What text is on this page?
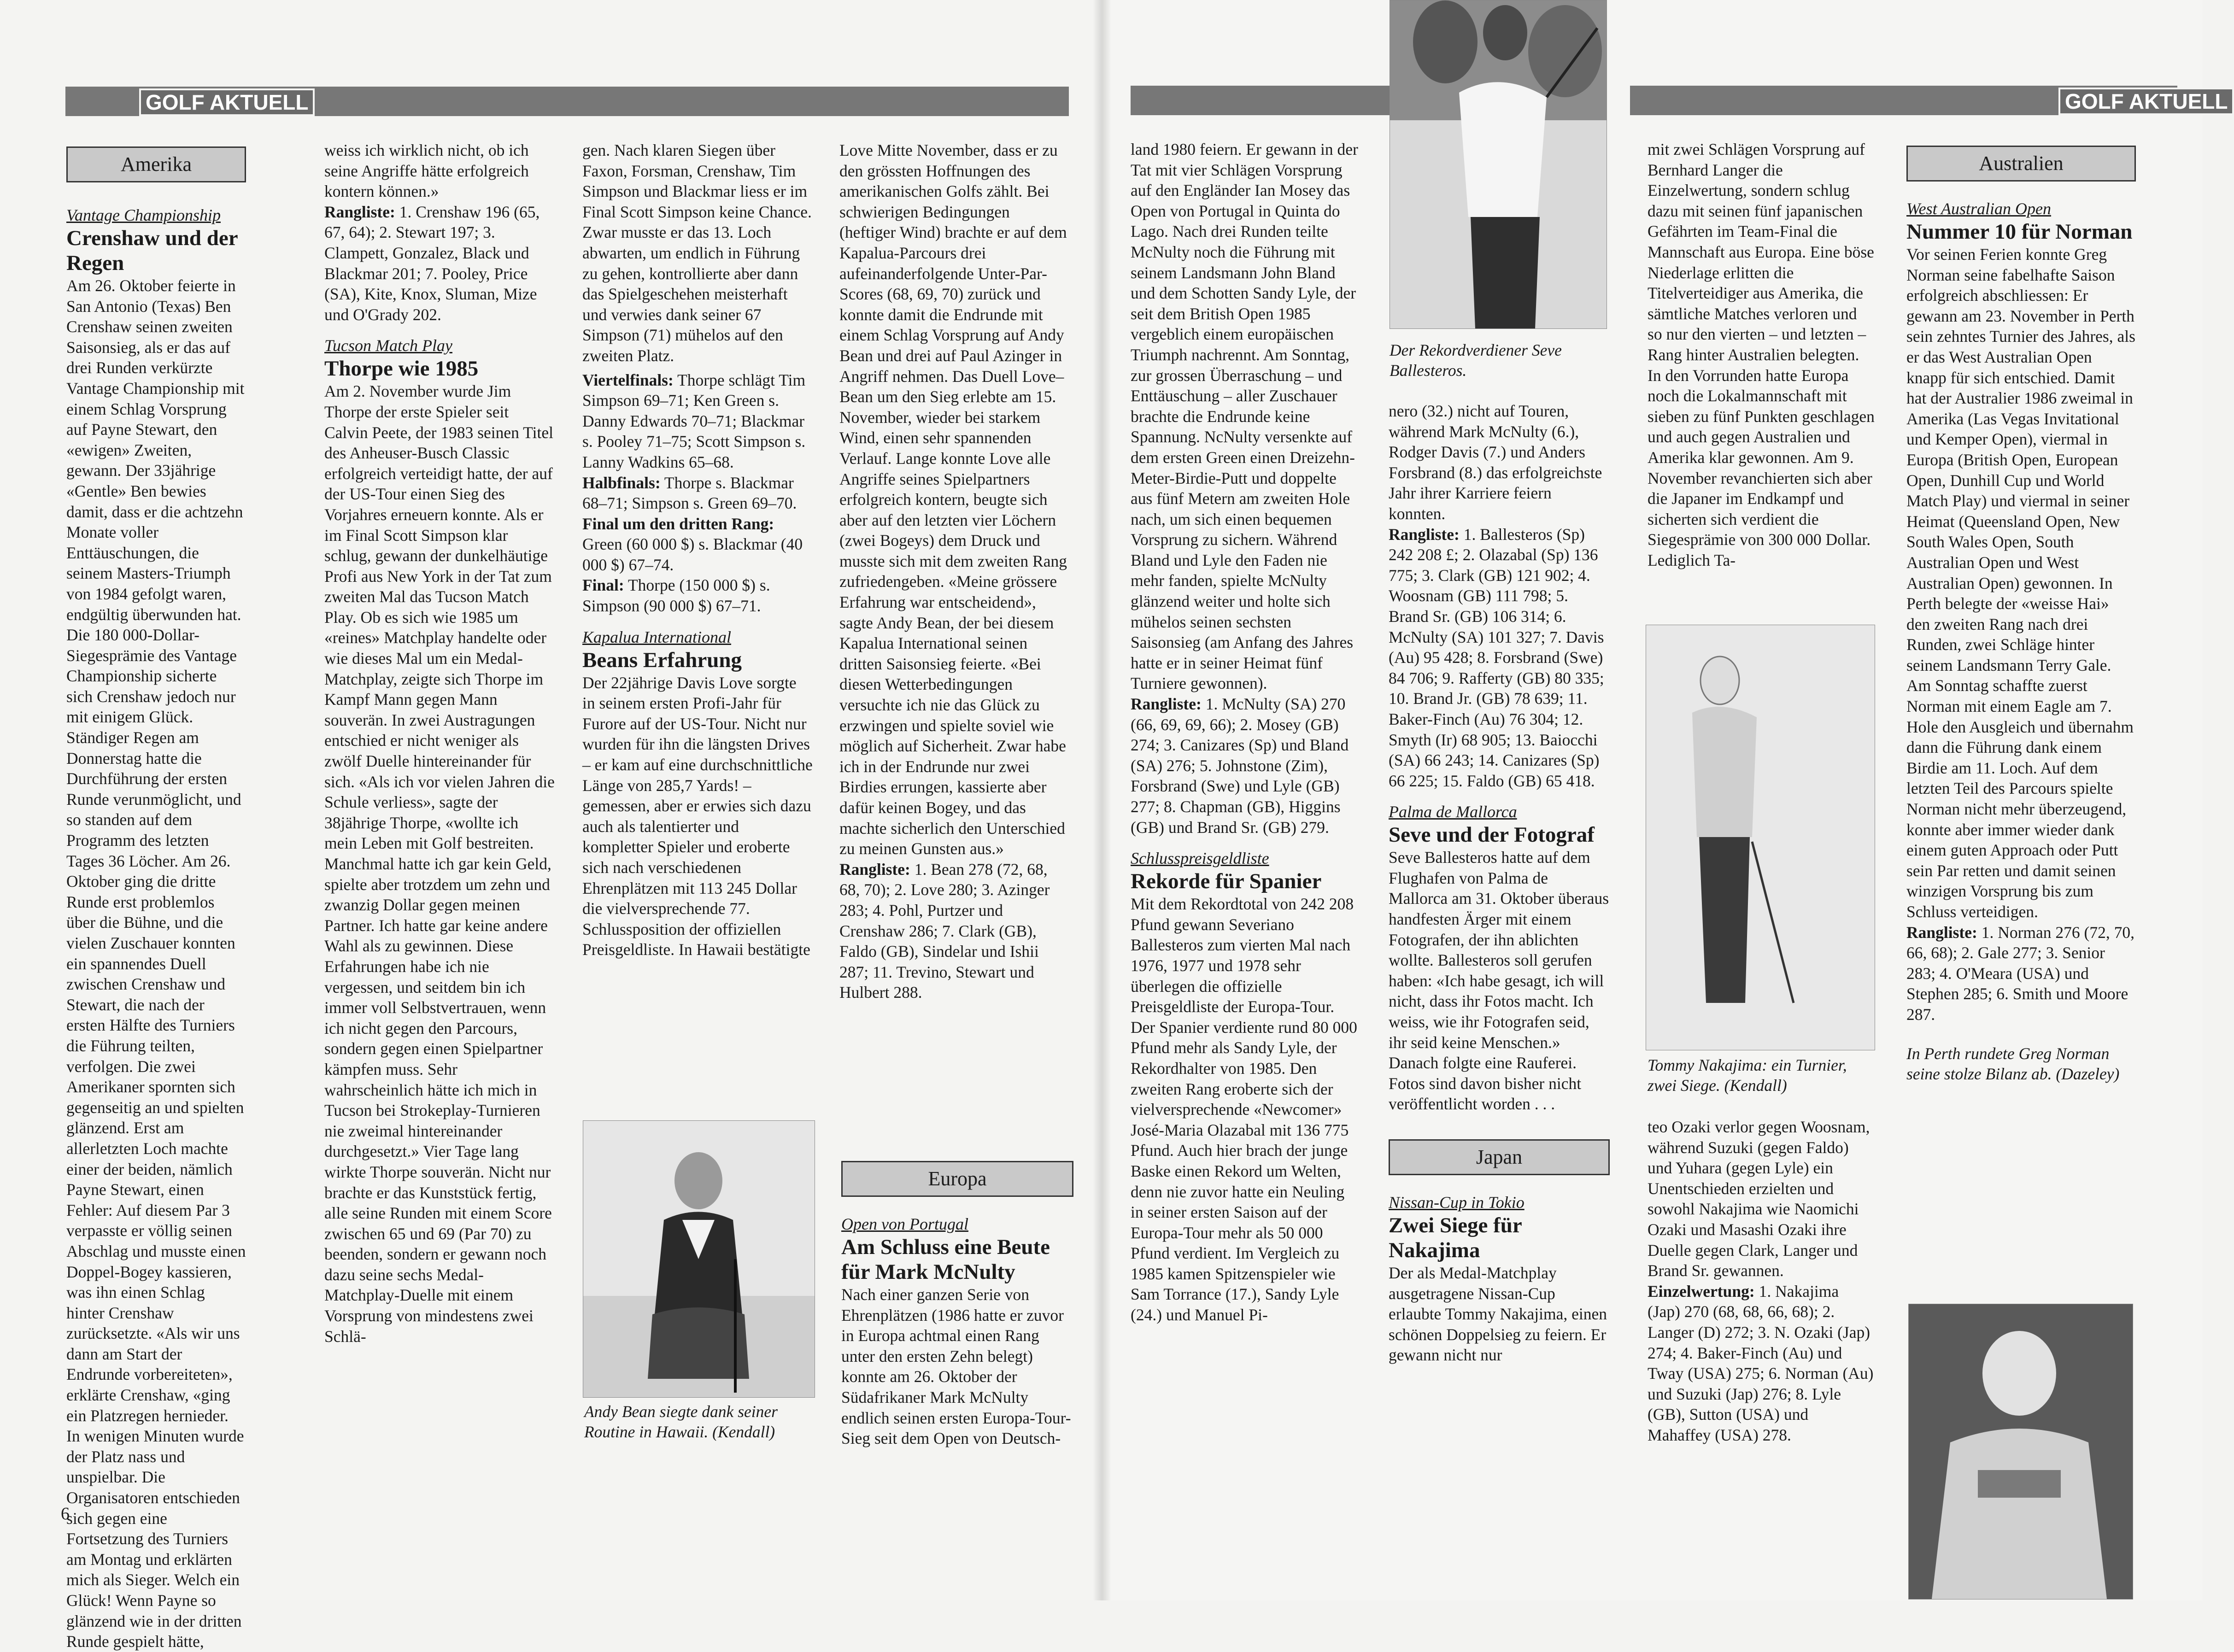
GOLF AKTUELL
Amerika

Vantage Championship

Crenshaw und der Regen

Am 26. Oktober feierte in San Antonio (Texas) Ben Crenshaw seinen zweiten Saisonsieg, als er das auf drei Runden verkürzte Vantage Championship mit einem Schlag Vorsprung auf Payne Stewart, den «ewigen» Zweiten, gewann. Der 33jährige «Gentle» Ben bewies damit, dass er die achtzehn Monate voller Enttäuschungen, die seinem Masters-Triumph von 1984 gefolgt waren, endgültig überwunden hat. Die 180 000-Dollar-Siegesprämie des Vantage Championship sicherte sich Crenshaw jedoch nur mit einigem Glück. Ständiger Regen am Donnerstag hatte die Durchführung der ersten Runde verunmöglicht, und so standen auf dem Programm des letzten Tages 36 Löcher. Am 26. Oktober ging die dritte Runde erst problemlos über die Bühne, und die vielen Zuschauer konnten ein spannendes Duell zwischen Crenshaw und Stewart, die nach der ersten Hälfte des Turniers die Führung teilten, verfolgen. Die zwei Amerikaner spornten sich gegenseitig an und spielten glänzend. Erst am allerletzten Loch machte einer der beiden, nämlich Payne Stewart, einen Fehler: Auf diesem Par 3 verpasste er völlig seinen Abschlag und musste einen Doppel-Bogey kassieren, was ihn einen Schlag hinter Crenshaw zurücksetzte. «Als wir uns dann am Start der Endrunde vorbereiteten», erklärte Crenshaw, «ging ein Platzregen hernieder. In wenigen Minuten wurde der Platz nass und unspielbar. Die Organisatoren entschieden sich gegen eine Fortsetzung des Turniers am Montag und erklärten mich als Sieger. Welch ein Glück! Wenn Payne so glänzend wie in der dritten Runde gespielt hätte,

weiss ich wirklich nicht, ob ich seine Angriffe hätte erfolgreich kontern können.»

Rangliste: 1. Crenshaw 196 (65, 67, 64); 2. Stewart 197; 3. Clampett, Gonzalez, Black und Blackmar 201; 7. Pooley, Price (SA), Kite, Knox, Sluman, Mize und O'Grady 202.

Tucson Match Play

Thorpe wie 1985

Am 2. November wurde Jim Thorpe der erste Spieler seit Calvin Peete, der 1983 seinen Titel des Anheuser-Busch Classic erfolgreich verteidigt hatte, der auf der US-Tour einen Sieg des Vorjahres erneuern konnte. Als er im Final Scott Simpson klar schlug, gewann der dunkelhäutige Profi aus New York in der Tat zum zweiten Mal das Tucson Match Play. Ob es sich wie 1985 um «reines» Matchplay handelte oder wie dieses Mal um ein Medal-Matchplay, zeigte sich Thorpe im Kampf Mann gegen Mann souverän. In zwei Austragungen entschied er nicht weniger als zwölf Duelle hintereinander für sich. «Als ich vor vielen Jahren die Schule verliess», sagte der 38jährige Thorpe, «wollte ich mein Leben mit Golf bestreiten. Manchmal hatte ich gar kein Geld, spielte aber trotzdem um zehn und zwanzig Dollar gegen meinen Partner. Ich hatte gar keine andere Wahl als zu gewinnen. Diese Erfahrungen habe ich nie vergessen, und seitdem bin ich immer voll Selbstvertrauen, wenn ich nicht gegen den Parcours, sondern gegen einen Spielpartner kämpfen muss. Sehr wahrscheinlich hätte ich mich in Tucson bei Strokeplay-Turnieren nie zweimal hintereinander durchgesetzt.» Vier Tage lang wirkte Thorpe souverän. Nicht nur brachte er das Kunststück fertig, alle seine Runden mit einem Score zwischen 65 und 69 (Par 70) zu beenden, sondern er gewann noch dazu seine sechs Medal-Matchplay-Duelle mit einem Vorsprung von mindestens zwei Schlä-

gen. Nach klaren Siegen über Faxon, Forsman, Crenshaw, Tim Simpson und Blackmar liess er im Final Scott Simpson keine Chance. Zwar musste er das 13. Loch abwarten, um endlich in Führung zu gehen, kontrollierte aber dann das Spielgeschehen meisterhaft und verwies dank seiner 67 Simpson (71) mühelos auf den zweiten Platz.

Viertelfinals: Thorpe schlägt Tim Simpson 69–71; Ken Green s. Danny Edwards 70–71; Blackmar s. Pooley 71–75; Scott Simpson s. Lanny Wadkins 65–68.

Halbfinals: Thorpe s. Blackmar 68–71; Simpson s. Green 69–70.

Final um den dritten Rang: Green (60 000 $) s. Blackmar (40 000 $) 67–74.

Final: Thorpe (150 000 $) s. Simpson (90 000 $) 67–71.

Kapalua International

Beans Erfahrung

Der 22jährige Davis Love sorgte in seinem ersten Profi-Jahr für Furore auf der US-Tour. Nicht nur wurden für ihn die längsten Drives – er kam auf eine durchschnittliche Länge von 285,7 Yards! – gemessen, aber er erwies sich dazu auch als talentierter und kompletter Spieler und eroberte sich nach verschiedenen Ehrenplätzen mit 113 245 Dollar die vielversprechende 77. Schlussposition der offiziellen Preisgeldliste. In Hawaii bestätigte

Andy Bean siegte dank seiner Routine in Hawaii. (Kendall)

Love Mitte November, dass er zu den grössten Hoffnungen des amerikanischen Golfs zählt. Bei schwierigen Bedingungen (heftiger Wind) brachte er auf dem Kapalua-Parcours drei aufeinanderfolgende Unter-Par-Scores (68, 69, 70) zurück und konnte damit die Endrunde mit einem Schlag Vorsprung auf Andy Bean und drei auf Paul Azinger in Angriff nehmen. Das Duell Love–Bean um den Sieg erlebte am 15. November, wieder bei starkem Wind, einen sehr spannenden Verlauf. Lange konnte Love alle Angriffe seines Spielpartners erfolgreich kontern, beugte sich aber auf den letzten vier Löchern (zwei Bogeys) dem Druck und musste sich mit dem zweiten Rang zufriedengeben. «Meine grössere Erfahrung war entscheidend», sagte Andy Bean, der bei diesem Kapalua International seinen dritten Saisonsieg feierte. «Bei diesen Wetterbedingungen versuchte ich nie das Glück zu erzwingen und spielte soviel wie möglich auf Sicherheit. Zwar habe ich in der Endrunde nur zwei Birdies errungen, kassierte aber dafür keinen Bogey, und das machte sicherlich den Unterschied zu meinen Gunsten aus.»

Rangliste: 1. Bean 278 (72, 68, 68, 70); 2. Love 280; 3. Azinger 283; 4. Pohl, Purtzer und Crenshaw 286; 7. Clark (GB), Faldo (GB), Sindelar und Ishii 287; 11. Trevino, Stewart und Hulbert 288.

Europa

Open von Portugal

Am Schluss eine Beute für Mark McNulty

Nach einer ganzen Serie von Ehrenplätzen (1986 hatte er zuvor in Europa achtmal einen Rang unter den ersten Zehn belegt) konnte am 26. Oktober der Südafrikaner Mark McNulty endlich seinen ersten Europa-Tour-Sieg seit dem Open von Deutsch-

6
GOLF AKTUELL

land 1980 feiern. Er gewann in der Tat mit vier Schlägen Vorsprung auf den Engländer Ian Mosey das Open von Portugal in Quinta do Lago. Nach drei Runden teilte McNulty noch die Führung mit seinem Landsmann John Bland und dem Schotten Sandy Lyle, der seit dem British Open 1985 vergeblich einem europäischen Triumph nachrennt. Am Sonntag, zur grossen Überraschung – und Enttäuschung – aller Zuschauer brachte die Endrunde keine Spannung. NcNulty versenkte auf dem ersten Green einen Dreizehn-Meter-Birdie-Putt und doppelte aus fünf Metern am zweiten Hole nach, um sich einen bequemen Vorsprung zu sichern. Während Bland und Lyle den Faden nie mehr fanden, spielte McNulty glänzend weiter und holte sich mühelos seinen sechsten Saisonsieg (am Anfang des Jahres hatte er in seiner Heimat fünf Turniere gewonnen).

Rangliste: 1. McNulty (SA) 270 (66, 69, 69, 66); 2. Mosey (GB) 274; 3. Canizares (Sp) und Bland (SA) 276; 5. Johnstone (Zim), Forsbrand (Swe) und Lyle (GB) 277; 8. Chapman (GB), Higgins (GB) und Brand Sr. (GB) 279.

Schlusspreisgeldliste

Rekorde für Spanier

Mit dem Rekordtotal von 242 208 Pfund gewann Severiano Ballesteros zum vierten Mal nach 1976, 1977 und 1978 sehr überlegen die offizielle Preisgeldliste der Europa-Tour. Der Spanier verdiente rund 80 000 Pfund mehr als Sandy Lyle, der Rekordhalter von 1985. Den zweiten Rang eroberte sich der vielversprechende «Newcomer» José-Maria Olazabal mit 136 775 Pfund. Auch hier brach der junge Baske einen Rekord um Welten, denn nie zuvor hatte ein Neuling in seiner ersten Saison auf der Europa-Tour mehr als 50 000 Pfund verdient. Im Vergleich zu 1985 kamen Spitzenspieler wie Sam Torrance (17.), Sandy Lyle (24.) und Manuel Pi-

Der Rekordverdiener Seve Ballesteros.

nero (32.) nicht auf Touren, während Mark McNulty (6.), Rodger Davis (7.) und Anders Forsbrand (8.) das erfolgreichste Jahr ihrer Karriere feiern konnten.

Rangliste: 1. Ballesteros (Sp) 242 208 £; 2. Olazabal (Sp) 136 775; 3. Clark (GB) 121 902; 4. Woosnam (GB) 111 798; 5. Brand Sr. (GB) 106 314; 6. McNulty (SA) 101 327; 7. Davis (Au) 95 428; 8. Forsbrand (Swe) 84 706; 9. Rafferty (GB) 80 335; 10. Brand Jr. (GB) 78 639; 11. Baker-Finch (Au) 76 304; 12. Smyth (Ir) 68 905; 13. Baiocchi (SA) 66 243; 14. Canizares (Sp) 66 225; 15. Faldo (GB) 65 418.

Palma de Mallorca

Seve und der Fotograf

Seve Ballesteros hatte auf dem Flughafen von Palma de Mallorca am 31. Oktober überaus handfesten Ärger mit einem Fotografen, der ihn ablichten wollte. Ballesteros soll gerufen haben: «Ich habe gesagt, ich will nicht, dass ihr Fotos macht. Ich weiss, wie ihr Fotografen seid, ihr seid keine Menschen.» Danach folgte eine Rauferei. Fotos sind davon bisher nicht veröffentlicht worden . . .

Japan

Nissan-Cup in Tokio

Zwei Siege für Nakajima

Der als Medal-Matchplay ausgetragene Nissan-Cup erlaubte Tommy Nakajima, einen schönen Doppelsieg zu feiern. Er gewann nicht nur

mit zwei Schlägen Vorsprung auf Bernhard Langer die Einzelwertung, sondern schlug dazu mit seinen fünf japanischen Gefährten im Team-Final die Mannschaft aus Europa. Eine böse Niederlage erlitten die Titelverteidiger aus Amerika, die sämtliche Matches verloren und so nur den vierten – und letzten – Rang hinter Australien belegten. In den Vorrunden hatte Europa noch die Lokalmannschaft mit sieben zu fünf Punkten geschlagen und auch gegen Australien und Amerika klar gewonnen. Am 9. November revanchierten sich aber die Japaner im Endkampf und sicherten sich verdient die Siegesprämie von 300 000 Dollar. Lediglich Ta-

Tommy Nakajima: ein Turnier, zwei Siege. (Kendall)

teo Ozaki verlor gegen Woosnam, während Suzuki (gegen Faldo) und Yuhara (gegen Lyle) ein Unentschieden erzielten und sowohl Nakajima wie Naomichi Ozaki und Masashi Ozaki ihre Duelle gegen Clark, Langer und Brand Sr. gewannen.

Einzelwertung: 1. Nakajima (Jap) 270 (68, 68, 66, 68); 2. Langer (D) 272; 3. N. Ozaki (Jap) 274; 4. Baker-Finch (Au) und Tway (USA) 275; 6. Norman (Au) und Suzuki (Jap) 276; 8. Lyle (GB), Sutton (USA) und Mahaffey (USA) 278.

Australien

West Australian Open

Nummer 10 für Norman

Vor seinen Ferien konnte Greg Norman seine fabelhafte Saison erfolgreich abschliessen: Er gewann am 23. November in Perth sein zehntes Turnier des Jahres, als er das West Australian Open knapp für sich entschied. Damit hat der Australier 1986 zweimal in Amerika (Las Vegas Invitational und Kemper Open), viermal in Europa (British Open, European Open, Dunhill Cup und World Match Play) und viermal in seiner Heimat (Queensland Open, New South Wales Open, South Australian Open und West Australian Open) gewonnen. In Perth belegte der «weisse Hai» den zweiten Rang nach drei Runden, zwei Schläge hinter seinem Landsmann Terry Gale. Am Sonntag schaffte zuerst Norman mit einem Eagle am 7. Hole den Ausgleich und übernahm dann die Führung dank einem Birdie am 11. Loch. Auf dem letzten Teil des Parcours spielte Norman nicht mehr überzeugend, konnte aber immer wieder dank einem guten Approach oder Putt sein Par retten und damit seinen winzigen Vorsprung bis zum Schluss verteidigen.

Rangliste: 1. Norman 276 (72, 70, 66, 68); 2. Gale 277; 3. Senior 283; 4. O'Meara (USA) und Stephen 285; 6. Smith und Moore 287.

In Perth rundete Greg Norman seine stolze Bilanz ab. (Dazeley)
